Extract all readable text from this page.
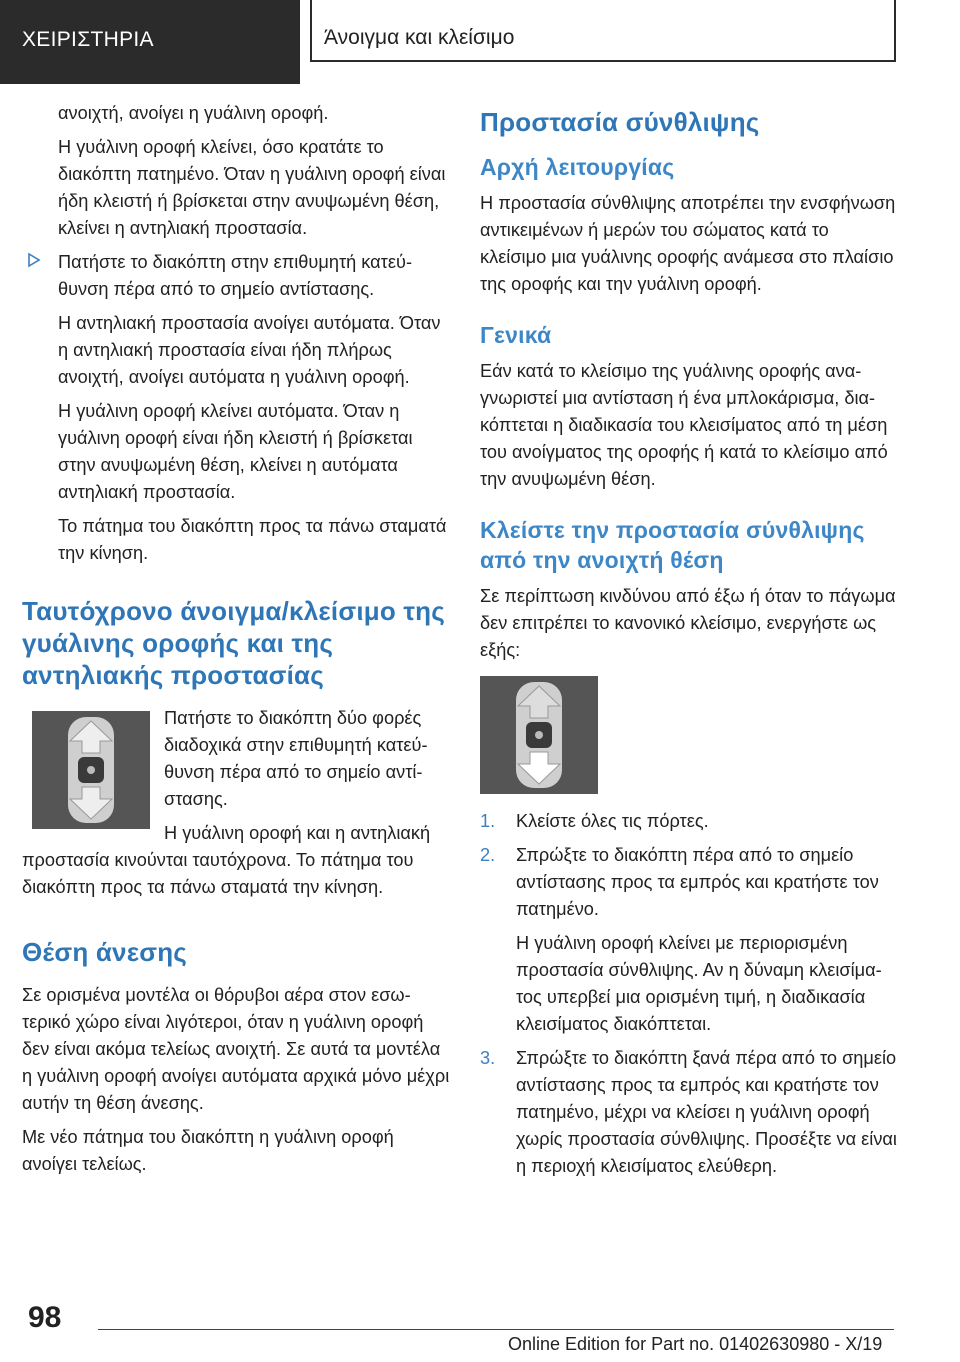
ΧΕΙΡΙΣΤΗΡΙΑ	Άνοιγμα και κλείσιμο

ανοιχτή, ανοίγει η γυάλινη οροφή.

Η γυάλινη οροφή κλείνει, όσο κρατάτε το διακόπτη πατημένο. Όταν η γυάλινη οροφή είναι ήδη κλειστή ή βρίσκεται στην ανυψωμένη θέση, κλείνει η αντηλιακή προστασία.

Πατήστε το διακόπτη στην επιθυμητή κατεύθυνση πέρα από το σημείο αντίστασης.

Η αντηλιακή προστασία ανοίγει αυτόματα. Όταν η αντηλιακή προστασία είναι ήδη πλήρως ανοιχτή, ανοίγει αυτόματα η γυάλινη οροφή.

Η γυάλινη οροφή κλείνει αυτόματα. Όταν η γυάλινη οροφή είναι ήδη κλειστή ή βρίσκεται στην ανυψωμένη θέση, κλείνει η αυτόματα αντηλιακή προστασία.

Το πάτημα του διακόπτη προς τα πάνω σταματά την κίνηση.

Ταυτόχρονο άνοιγμα/κλείσιμο της γυάλινης οροφής και της αντηλιακής προστασίας

Πατήστε το διακόπτη δύο φορές διαδοχικά στην επιθυμητή κατεύθυνση πέρα από το σημείο αντίστασης.

Η γυάλινη οροφή και η αντηλιακή προστασία κινούνται ταυτόχρονα. Το πάτημα του διακόπτη προς τα πάνω σταματά την κίνηση.

Θέση άνεσης

Σε ορισμένα μοντέλα οι θόρυβοι αέρα στον εσωτερικό χώρο είναι λιγότεροι, όταν η γυάλινη οροφή δεν είναι ακόμα τελείως ανοιχτή. Σε αυτά τα μοντέλα η γυάλινη οροφή ανοίγει αυτόματα αρχικά μόνο μέχρι αυτήν τη θέση άνεσης.

Με νέο πάτημα του διακόπτη η γυάλινη οροφή ανοίγει τελείως.

Προστασία σύνθλιψης
Αρχή λειτουργίας

Η προστασία σύνθλιψης αποτρέπει την ενσφήνωση αντικειμένων ή μερών του σώματος κατά το κλείσιμο μια γυάλινης οροφής ανάμεσα στο πλαίσιο της οροφής και την γυάλινη οροφή.

Γενικά

Εάν κατά το κλείσιμο της γυάλινης οροφής αναγνωριστεί μια αντίσταση ή ένα μπλοκάρισμα, διακόπτεται η διαδικασία του κλεισίματος από τη μέση του ανοίγματος της οροφής ή κατά το κλείσιμο από την ανυψωμένη θέση.

Κλείστε την προστασία σύνθλιψης από την ανοιχτή θέση

Σε περίπτωση κινδύνου από έξω ή όταν το πάγωμα δεν επιτρέπει το κανονικό κλείσιμο, ενεργήστε ως εξής:

1. Κλείστε όλες τις πόρτες.

2. Σπρώξτε το διακόπτη πέρα από το σημείο αντίστασης προς τα εμπρός και κρατήστε τον πατημένο.

Η γυάλινη οροφή κλείνει με περιορισμένη προστασία σύνθλιψης. Αν η δύναμη κλεισίματος υπερβεί μια ορισμένη τιμή, η διαδικασία κλεισίματος διακόπτεται.

3. Σπρώξτε το διακόπτη ξανά πέρα από το σημείο αντίστασης προς τα εμπρός και κρατήστε τον πατημένο, μέχρι να κλείσει η γυάλινη οροφή χωρίς προστασία σύνθλιψης. Προσέξτε να είναι η περιοχή κλεισίματος ελεύθερη.

98
Online Edition for Part no. 01402630980 - X/19
